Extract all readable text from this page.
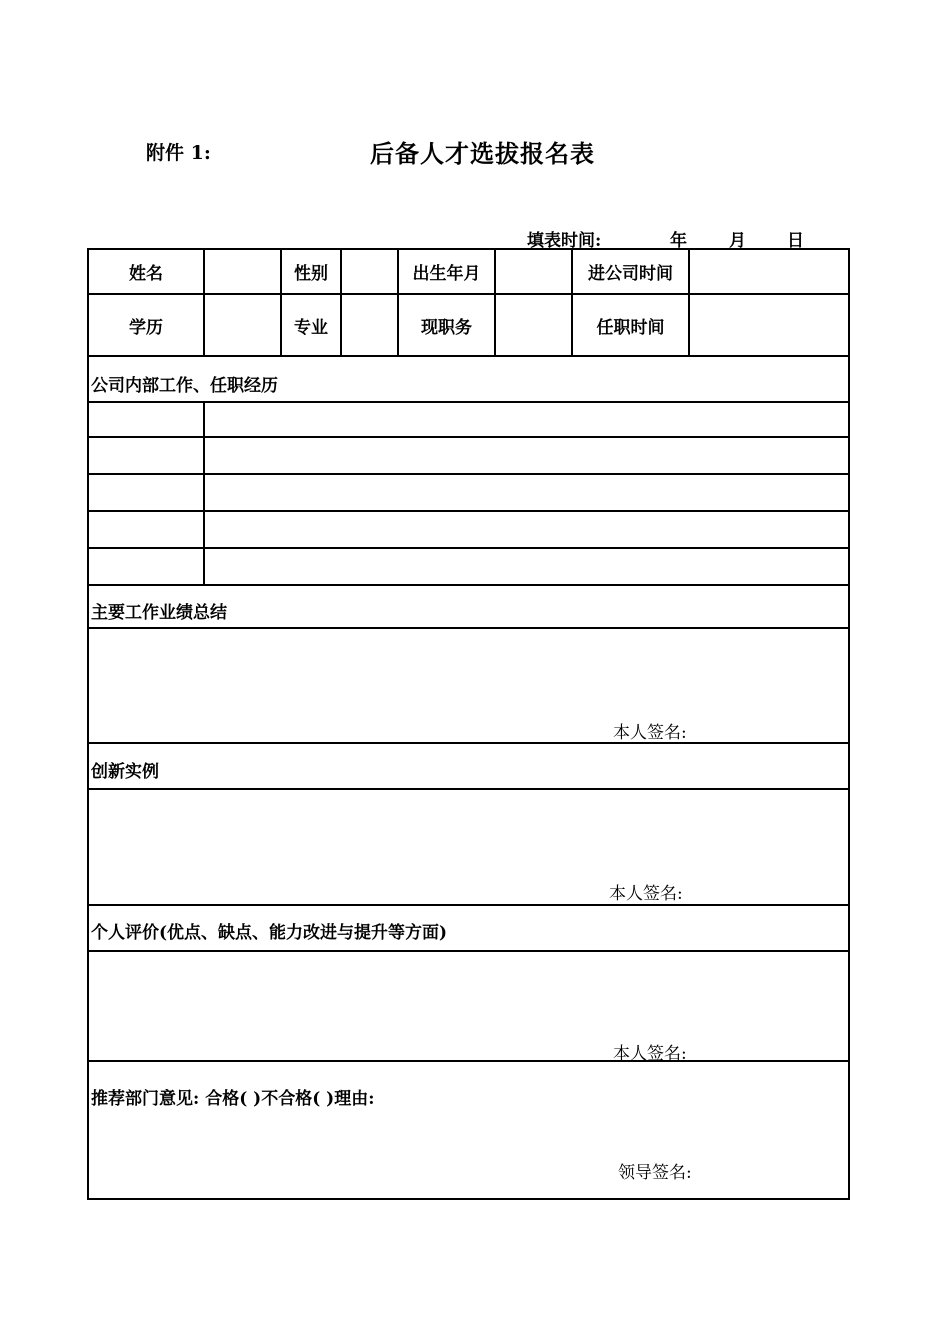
附件 1:	后备人才选拔报名表
填表时间:	年 月 日
姓名	性别	出生年月	进公司时间
学历	专业	现职务	任职时间
公司内部工作、任职经历
主要工作业绩总结
本人签名:
创新实例
本人签名:
个人评价(优点、缺点、能力改进与提升等方面)
本人签名:
推荐部门意见: 合格( )不合格( )理由:
领导签名:
